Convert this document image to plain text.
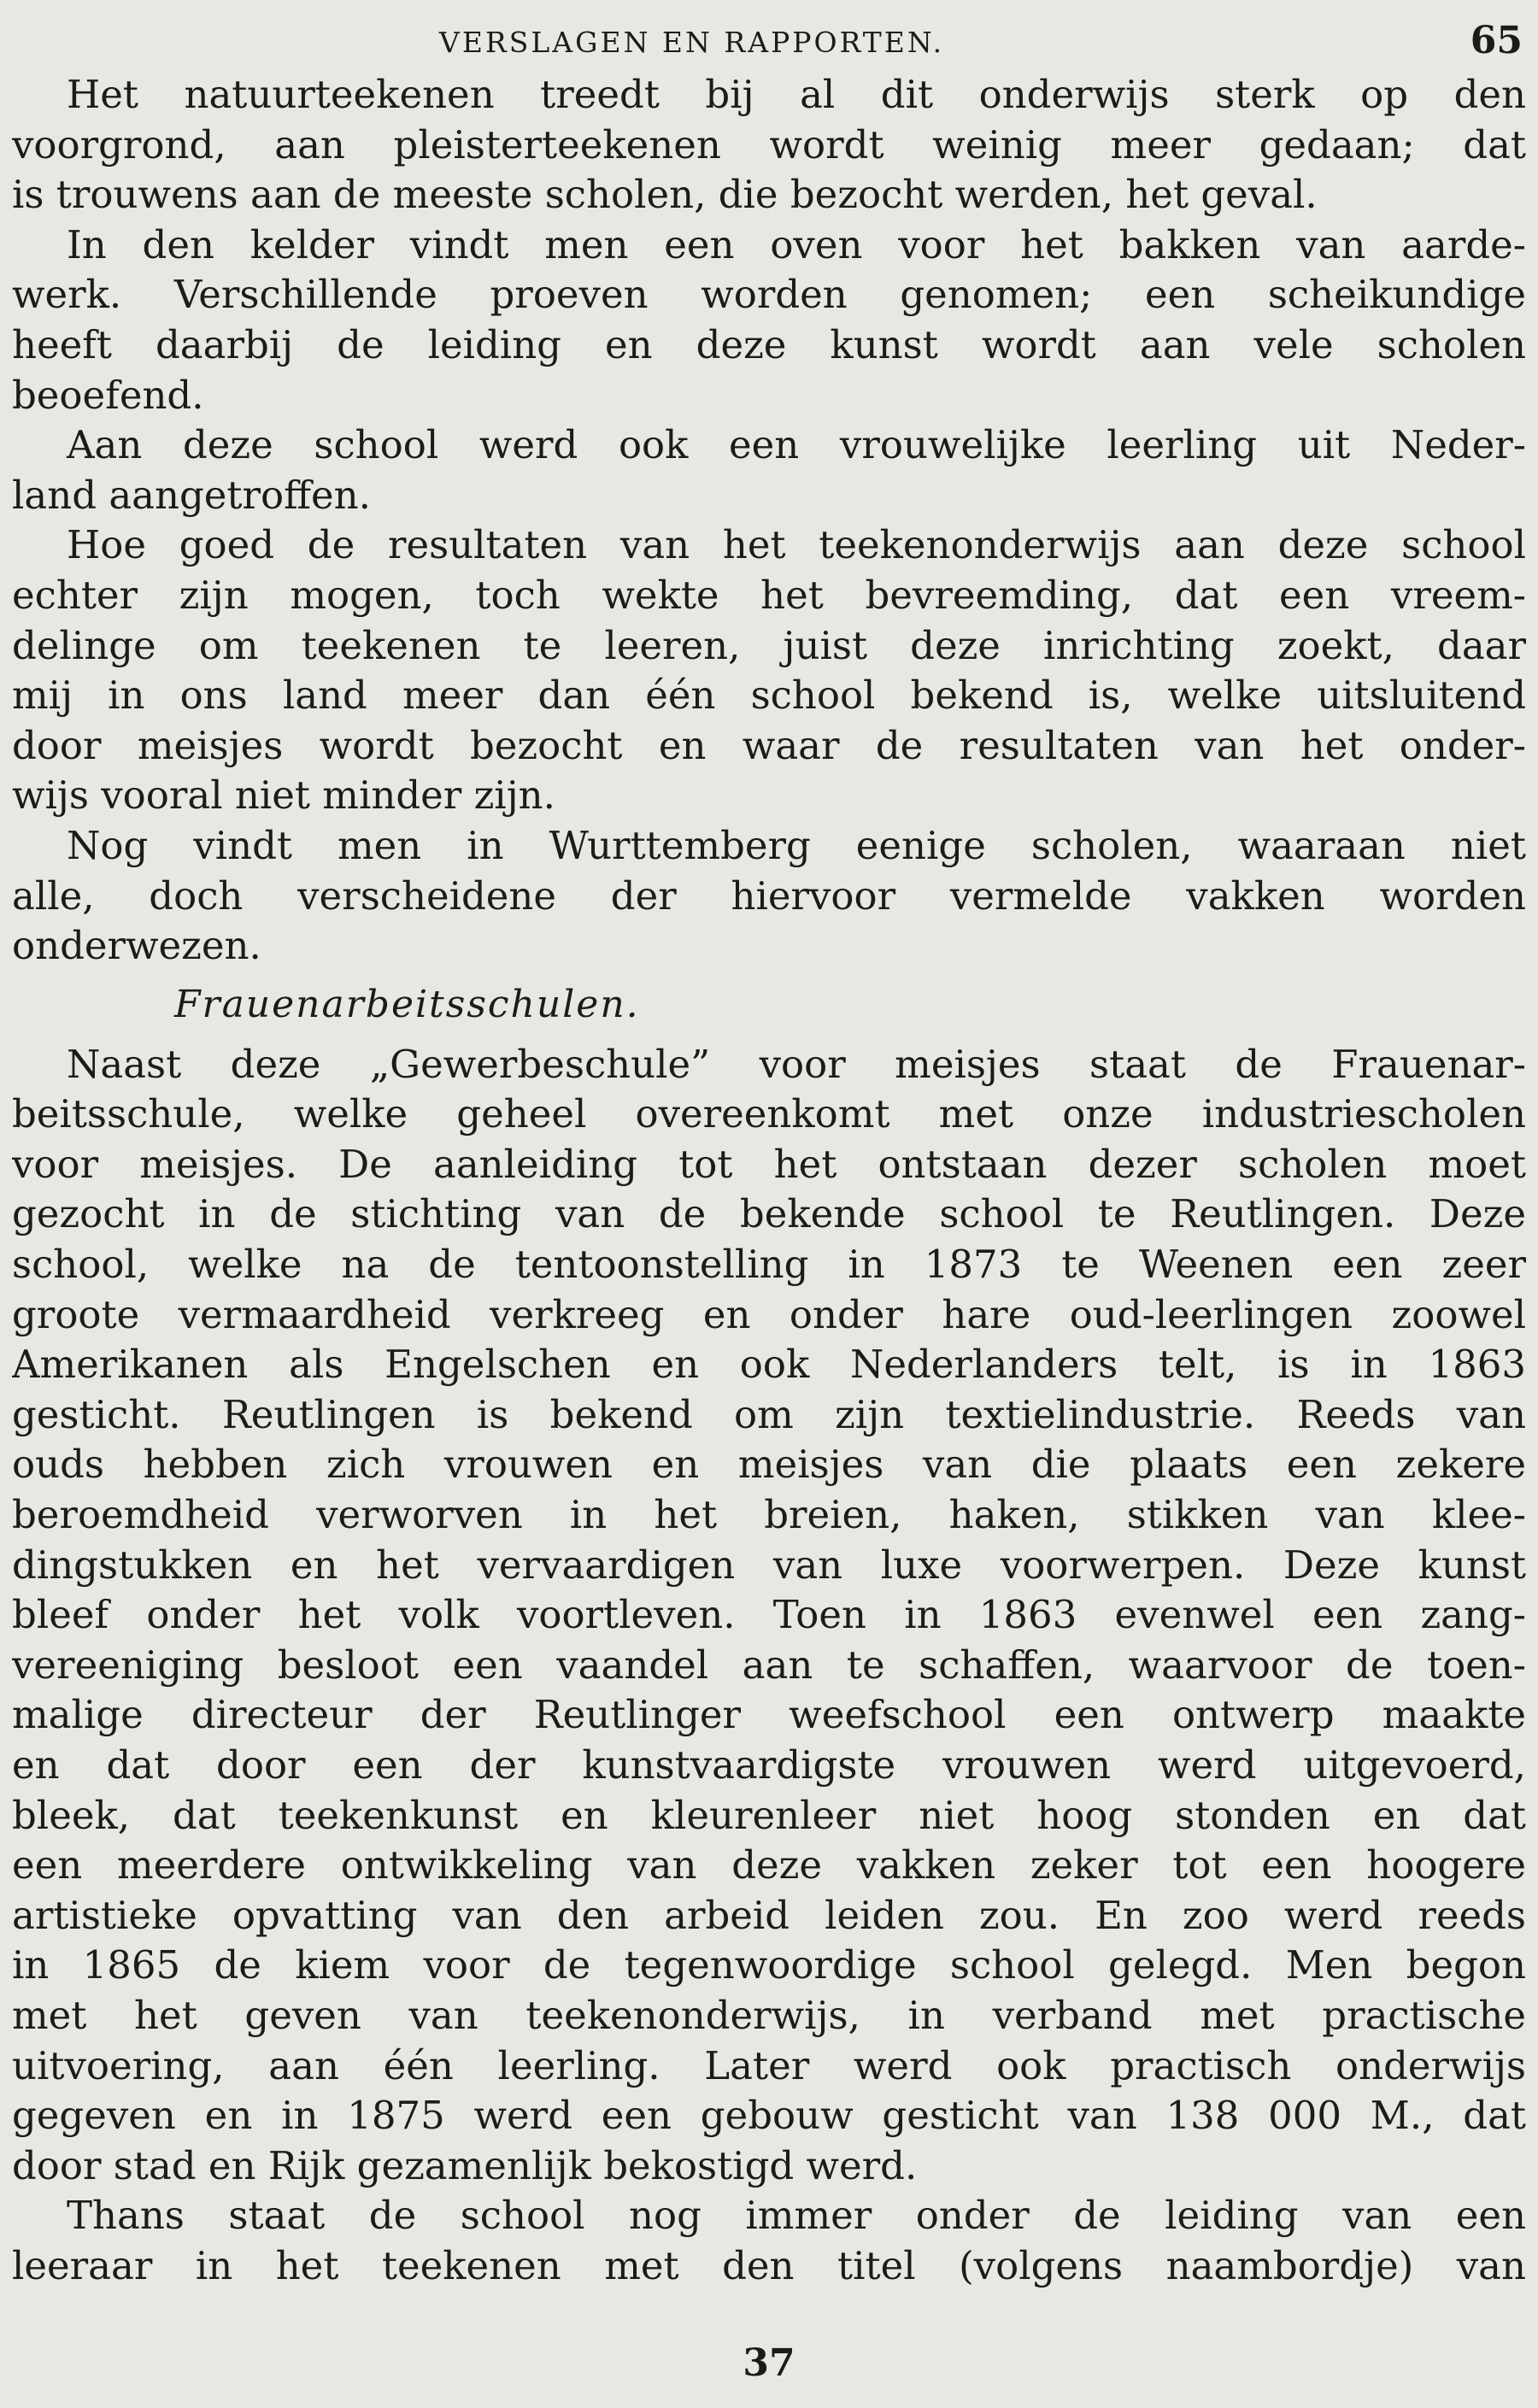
VERSLAGEN EN RAPPORTEN.	65
Het natuurteekenen treedt bij al dit onderwijs sterk op den
voorgrond, aan pleisterteekenen wordt weinig meer gedaan; dat
is trouwens aan de meeste scholen, die bezocht werden, het geval.
In den kelder vindt men een oven voor het bakken van aarde-
werk. Verschillende proeven worden genomen; een scheikundige
heeft daarbij de leiding en deze kunst wordt aan vele scholen
beoefend.
Aan deze school werd ook een vrouwelijke leerling uit Neder-
land aangetroffen.
Hoe goed de resultaten van het teekenonderwijs aan deze school
echter zijn mogen, toch wekte het bevreemding, dat een vreem-
delinge om teekenen te leeren, juist deze inrichting zoekt, daar
mij in ons land meer dan één school bekend is, welke uitsluitend
door meisjes wordt bezocht en waar de resultaten van het onder-
wijs vooral niet minder zijn.
Nog vindt men in Wurttemberg eenige scholen, waaraan niet
alle, doch verscheidene der hiervoor vermelde vakken worden
onderwezen.
Frauenarbeitsschulen.
Naast deze „Gewerbeschule” voor meisjes staat de Frauenar-
beitsschule, welke geheel overeenkomt met onze industriescholen
voor meisjes. De aanleiding tot het ontstaan dezer scholen moet
gezocht in de stichting van de bekende school te Reutlingen. Deze
school, welke na de tentoonstelling in 1873 te Weenen een zeer
groote vermaardheid verkreeg en onder hare oud-leerlingen zoowel
Amerikanen als Engelschen en ook Nederlanders telt, is in 1863
gesticht. Reutlingen is bekend om zijn textielindustrie. Reeds van
ouds hebben zich vrouwen en meisjes van die plaats een zekere
beroemdheid verworven in het breien, haken, stikken van klee-
dingstukken en het vervaardigen van luxe voorwerpen. Deze kunst
bleef onder het volk voortleven. Toen in 1863 evenwel een zang-
vereeniging besloot een vaandel aan te schaffen, waarvoor de toen-
malige directeur der Reutlinger weefschool een ontwerp maakte
en dat door een der kunstvaardigste vrouwen werd uitgevoerd,
bleek, dat teekenkunst en kleurenleer niet hoog stonden en dat
een meerdere ontwikkeling van deze vakken zeker tot een hoogere
artistieke opvatting van den arbeid leiden zou. En zoo werd reeds
in 1865 de kiem voor de tegenwoordige school gelegd. Men begon
met het geven van teekenonderwijs, in verband met practische
uitvoering, aan één leerling. Later werd ook practisch onderwijs
gegeven en in 1875 werd een gebouw gesticht van 138 000 M., dat
door stad en Rijk gezamenlijk bekostigd werd.
Thans staat de school nog immer onder de leiding van een
leeraar in het teekenen met den titel (volgens naambordje) van
37
